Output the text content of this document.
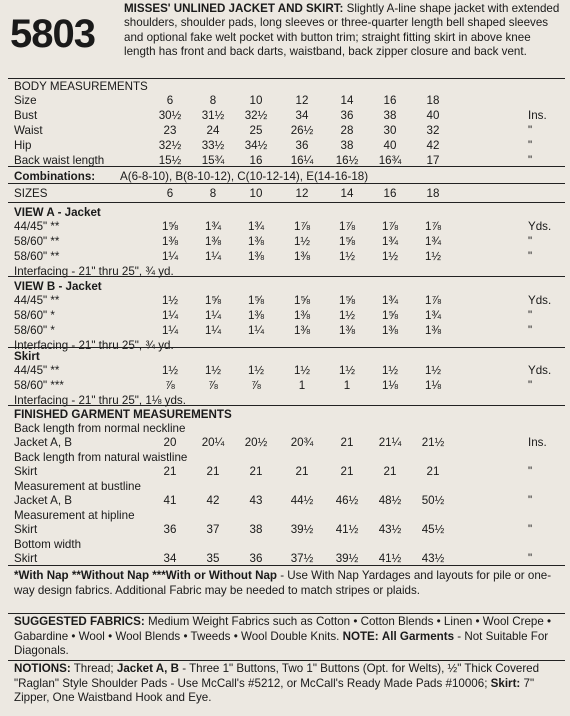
5803
MISSES' UNLINED JACKET AND SKIRT: Slightly A-line shape jacket with extended shoulders, shoulder pads, long sleeves or three-quarter length bell shaped sleeves and optional fake welt pocket with button trim; straight fitting skirt in above knee length has front and back darts, waistband, back zipper closure and back vent.
BODY MEASUREMENTS
Size	6	8	10	12	14	16	18
Bust	30½	31½	32½	34	36	38	40	Ins.
Waist	23	24	25	26½	28	30	32	"
Hip	32½	33½	34½	36	38	40	42	"
Back waist length	15½	15¾	16	16¼	16½	16¾	17	"
Combinations: A(6-8-10), B(8-10-12), C(10-12-14), E(14-16-18)
SIZES	6	8	10	12	14	16	18
VIEW A - Jacket
44/45" **	1⅝	1¾	1¾	1⅞	1⅞	1⅞	1⅞	Yds.
58/60" **	1⅜	1⅜	1⅜	1½	1⅝	1¾	1¾	"
58/60" **	1¼	1¼	1⅜	1⅜	1½	1½	1½	"
Interfacing - 21" thru 25", ¾ yd.
VIEW B - Jacket
44/45" **	1½	1⅝	1⅝	1⅝	1⅝	1¾	1⅞	Yds.
58/60" *	1¼	1¼	1⅜	1⅜	1½	1⅝	1¾	"
58/60" *	1¼	1¼	1¼	1⅜	1⅜	1⅜	1⅜	"
Interfacing - 21" thru 25", ¾ yd.
Skirt
44/45" **	1½	1½	1½	1½	1½	1½	1½	Yds.
58/60" ***	⅞	⅞	⅞	1	1	1⅛	1⅛	"
Interfacing - 21" thru 25", 1⅛ yds.
FINISHED GARMENT MEASUREMENTS
Back length from normal neckline
Jacket A, B	20	20¼	20½	20¾	21	21¼	21½	Ins.
Back length from natural waistline
Skirt	21	21	21	21	21	21	21	"
Measurement at bustline
Jacket A, B	41	42	43	44½	46½	48½	50½	"
Measurement at hipline
Skirt	36	37	38	39½	41½	43½	45½	"
Bottom width
Skirt	34	35	36	37½	39½	41½	43½	"
*With Nap **Without Nap ***With or Without Nap - Use With Nap Yardages and layouts for pile or one-way design fabrics. Additional Fabric may be needed to match stripes or plaids.
SUGGESTED FABRICS: Medium Weight Fabrics such as Cotton • Cotton Blends • Linen • Wool Crepe • Gabardine • Wool • Wool Blends • Tweeds • Wool Double Knits. NOTE: All Garments - Not Suitable For Diagonals.
NOTIONS: Thread; Jacket A, B - Three 1" Buttons, Two 1" Buttons (Opt. for Welts), ½" Thick Covered "Raglan" Style Shoulder Pads - Use McCall's #5212, or McCall's Ready Made Pads #10006; Skirt: 7" Zipper, One Waistband Hook and Eye.
